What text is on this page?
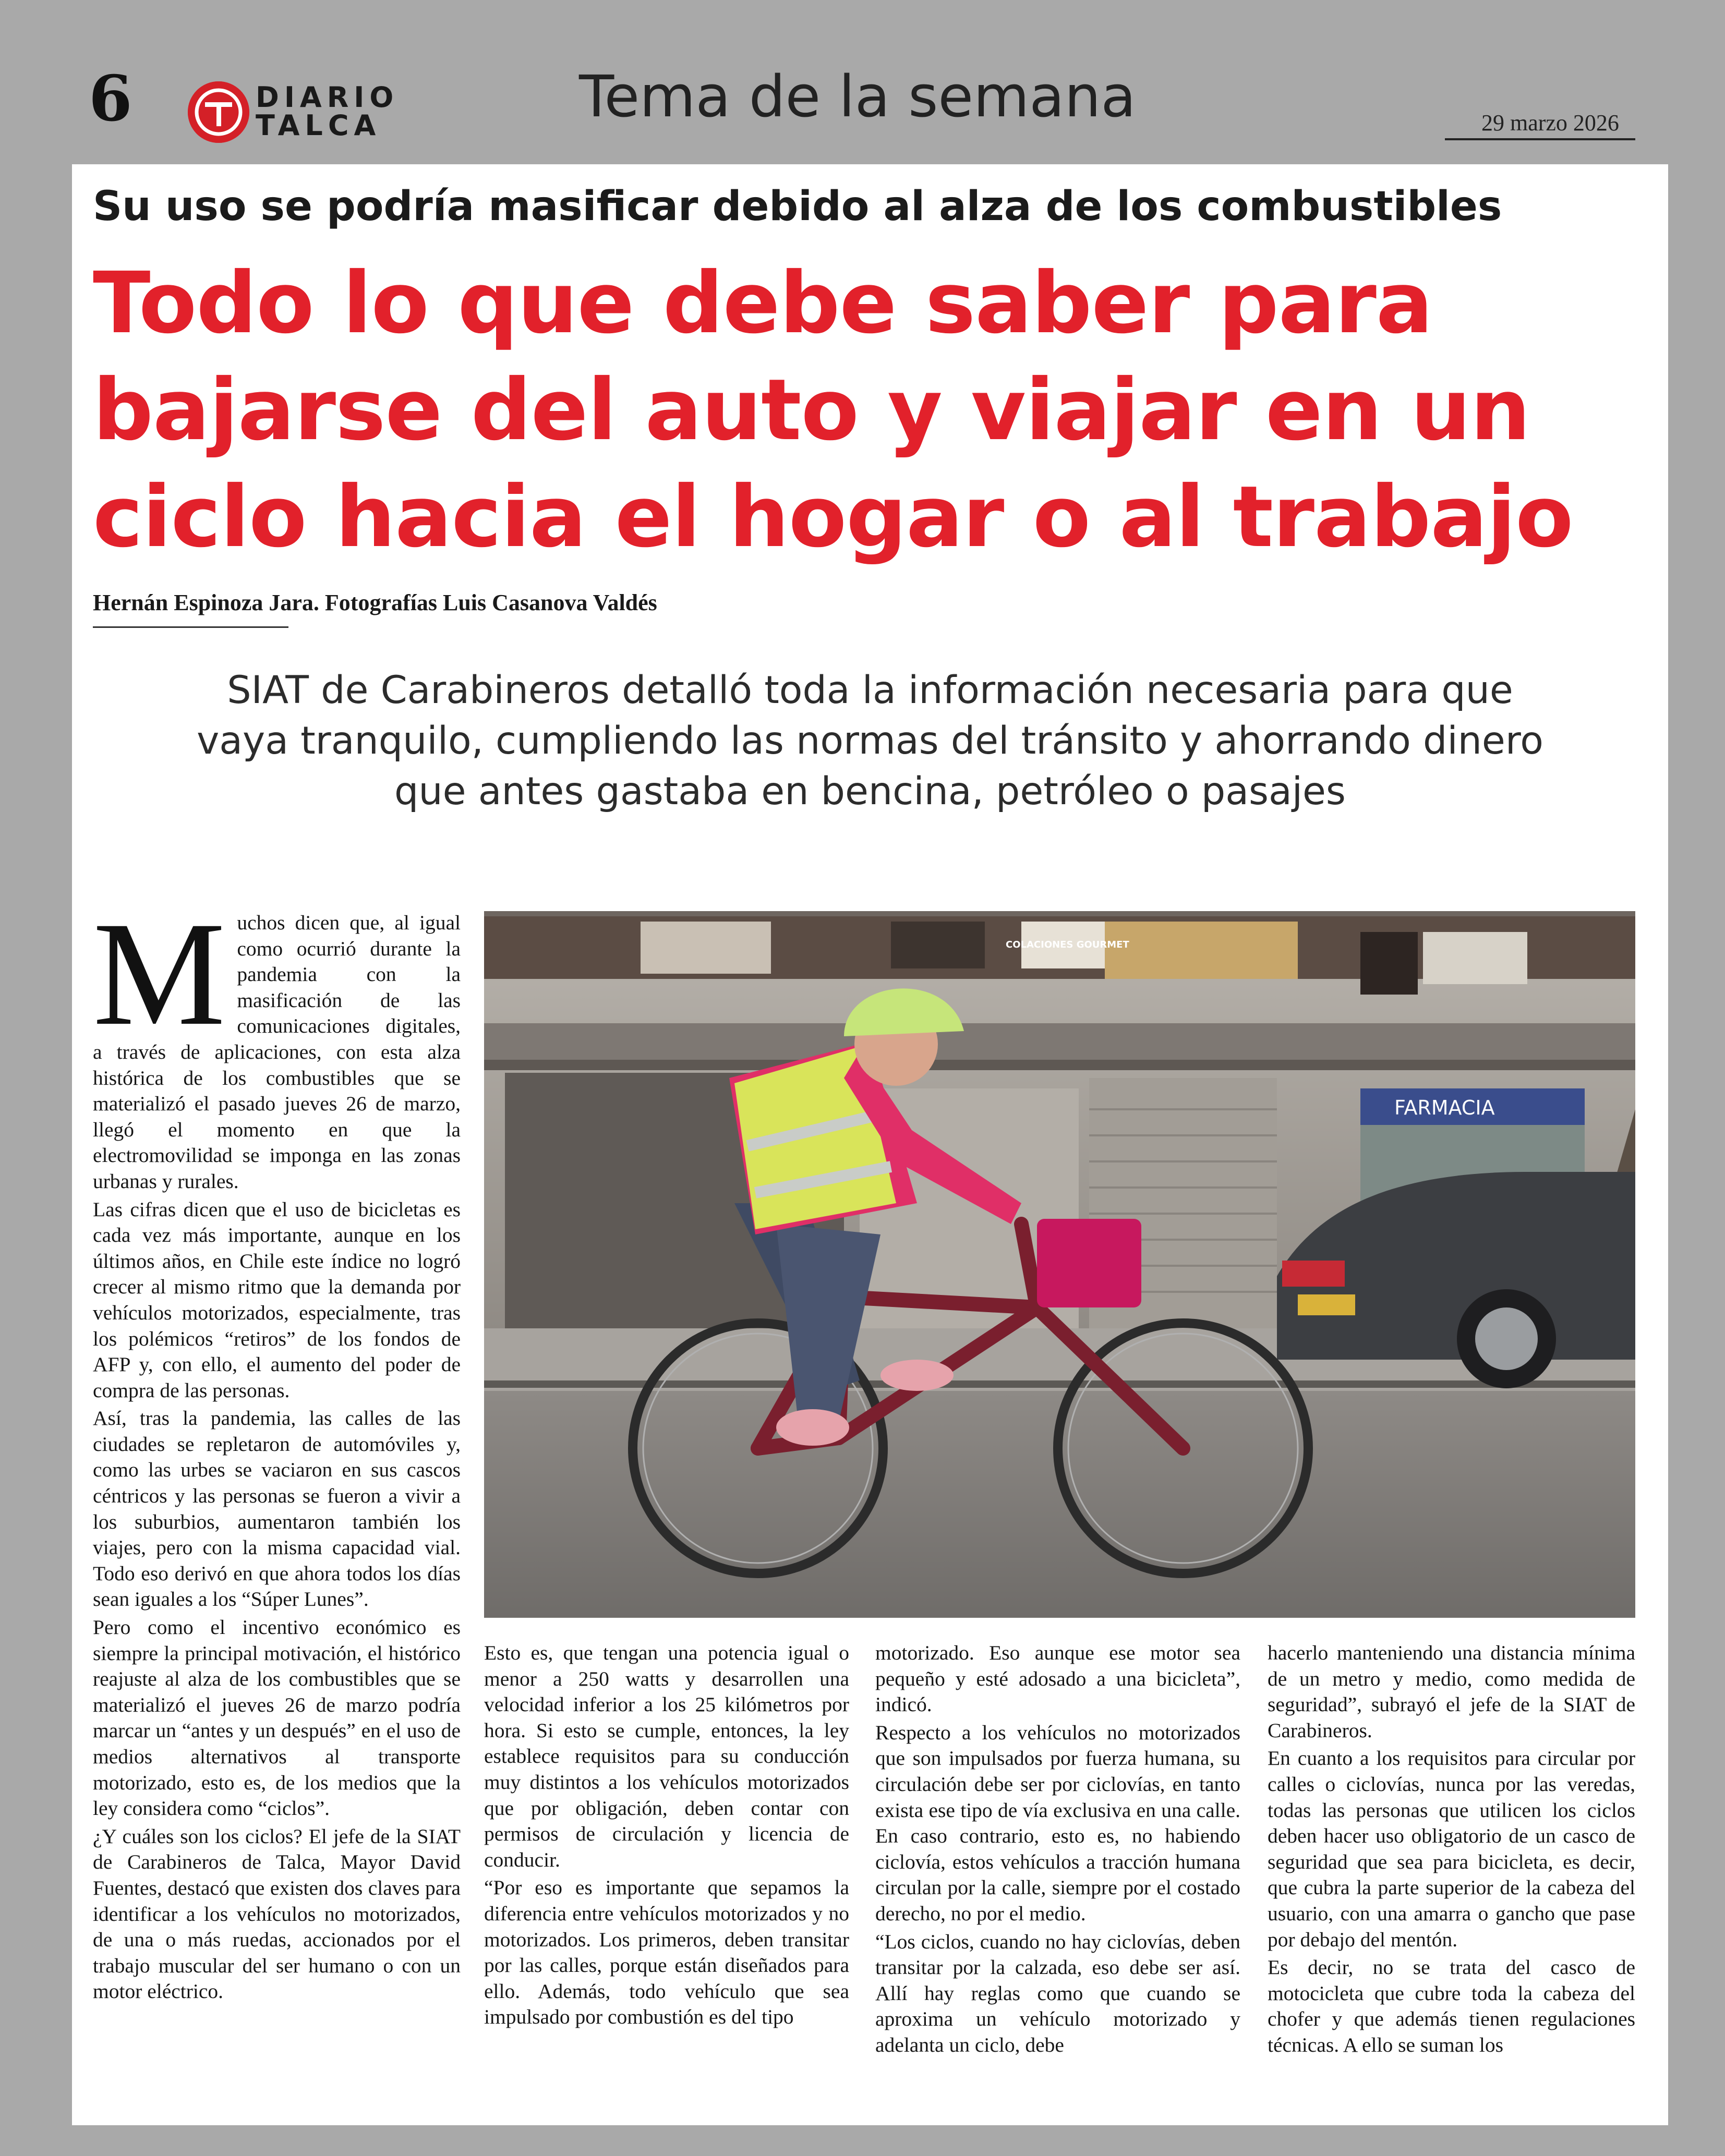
6	DIARIO
TALCA	Tema de la semana	29 marzo 2026
Su uso se podría masificar debido al alza de los combustibles
Todo lo que debe saber para
bajarse del auto y viajar en un
ciclo hacia el hogar o al trabajo
Hernán Espinoza Jara. Fotografías Luis Casanova Valdés
SIAT de Carabineros detalló toda la información necesaria para que
vaya tranquilo, cumpliendo las normas del tránsito y ahorrando dinero
que antes gastaba en bencina, petróleo o pasajes
COLACIONES GOURMET
FARMACIA

Muchos dicen que, al igual como ocurrió durante la pandemia con la masificación de las comunicaciones digitales, a través de aplicaciones, con esta alza histórica de los combustibles que se materializó el pasado jueves 26 de marzo, llegó el momento en que la electromovilidad se imponga en las zonas urbanas y rurales.

Las cifras dicen que el uso de bicicletas es cada vez más importante, aunque en los últimos años, en Chile este índice no logró crecer al mismo ritmo que la demanda por vehículos motorizados, especialmente, tras los polémicos “retiros” de los fondos de AFP y, con ello, el aumento del poder de compra de las personas.

Así, tras la pandemia, las calles de las ciudades se repletaron de automóviles y, como las urbes se vaciaron en sus cascos céntricos y las personas se fueron a vivir a los suburbios, aumentaron también los viajes, pero con la misma capacidad vial. Todo eso derivó en que ahora todos los días sean iguales a los “Súper Lunes”.

Pero como el incentivo económico es siempre la principal motivación, el histórico reajuste al alza de los combustibles que se materializó el jueves 26 de marzo podría marcar un “antes y un después” en el uso de medios alternativos al transporte motorizado, esto es, de los medios que la ley considera como “ciclos”.

¿Y cuáles son los ciclos? El jefe de la SIAT de Carabineros de Talca, Mayor David Fuentes, destacó que existen dos claves para identificar a los vehículos no motorizados, de una o más ruedas, accionados por el trabajo muscular del ser humano o con un motor eléctrico.

Esto es, que tengan una potencia igual o menor a 250 watts y desarrollen una velocidad inferior a los 25 kilómetros por hora. Si esto se cumple, entonces, la ley establece requisitos para su conducción muy distintos a los vehículos motorizados que por obligación, deben contar con permisos de circulación y licencia de conducir.

“Por eso es importante que sepamos la diferencia entre vehículos motorizados y no motorizados. Los primeros, deben transitar por las calles, porque están diseñados para ello. Además, todo vehículo que sea impulsado por combustión es del tipo

motorizado. Eso aunque ese motor sea pequeño y esté adosado a una bicicleta”, indicó.

Respecto a los vehículos no motorizados que son impulsados por fuerza humana, su circulación debe ser por ciclovías, en tanto exista ese tipo de vía exclusiva en una calle. En caso contrario, esto es, no habiendo ciclovía, estos vehículos a tracción humana circulan por la calle, siempre por el costado derecho, no por el medio.

“Los ciclos, cuando no hay ciclovías, deben transitar por la calzada, eso debe ser así. Allí hay reglas como que cuando se aproxima un vehículo motorizado y adelanta un ciclo, debe

hacerlo manteniendo una distancia mínima de un metro y medio, como medida de seguridad”, subrayó el jefe de la SIAT de Carabineros.

En cuanto a los requisitos para circular por calles o ciclovías, nunca por las veredas, todas las personas que utilicen los ciclos deben hacer uso obligatorio de un casco de seguridad que sea para bicicleta, es decir, que cubra la parte superior de la cabeza del usuario, con una amarra o gancho que pase por debajo del mentón.

Es decir, no se trata del casco de motocicleta que cubre toda la cabeza del chofer y que además tienen regulaciones técnicas. A ello se suman los
